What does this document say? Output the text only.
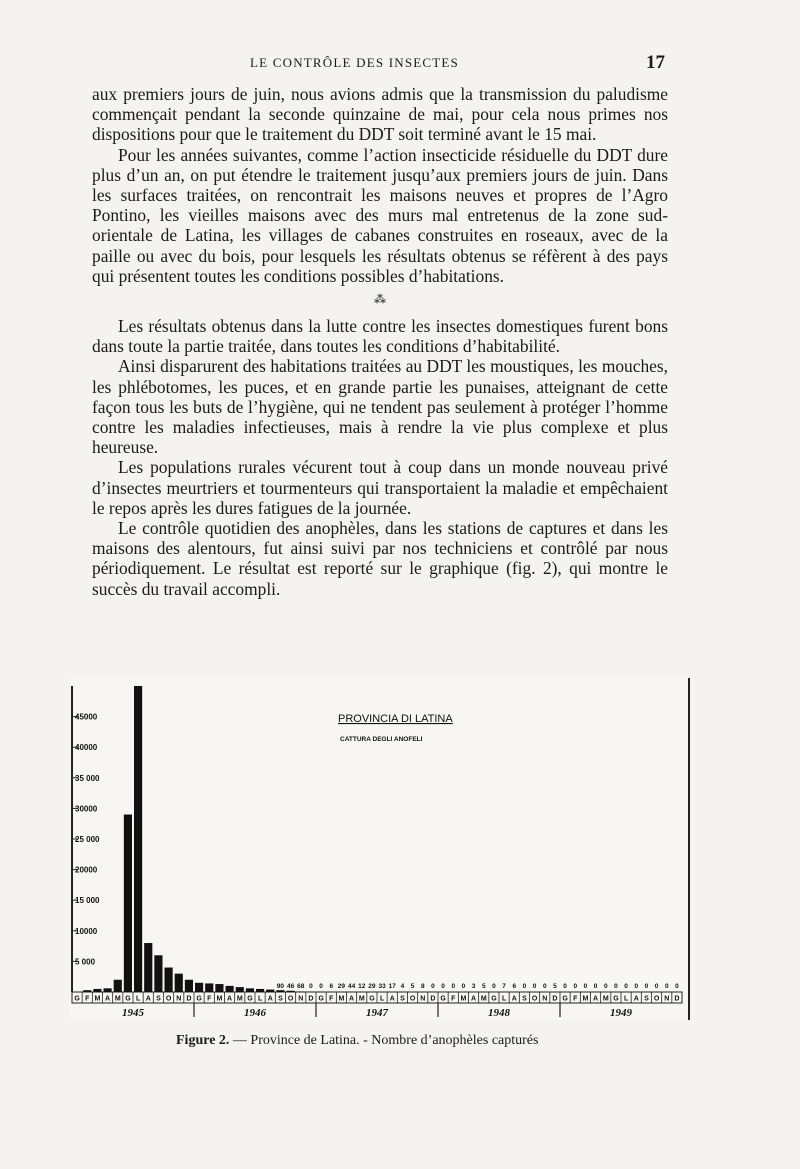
LE CONTRÔLE DES INSECTES	17

aux premiers jours de juin, nous avions admis que la transmission du paludisme commençait pendant la seconde quinzaine de mai, pour cela nous primes nos dispositions pour que le traitement du DDT soit terminé avant le 15 mai.

Pour les années suivantes, comme l’action insecticide résiduelle du DDT dure plus d’un an, on put étendre le traitement jusqu’aux premiers jours de juin. Dans les surfaces traitées, on rencontrait les maisons neuves et propres de l’Agro Pontino, les vieilles maisons avec des murs mal entretenus de la zone sud-orientale de Latina, les villages de cabanes construites en roseaux, avec de la paille ou avec du bois, pour lesquels les résultats obtenus se réfèrent à des pays qui présentent toutes les conditions possibles d’habitations.

⁂

Les résultats obtenus dans la lutte contre les insectes domestiques furent bons dans toute la partie traitée, dans toutes les conditions d’habitabilité.

Ainsi disparurent des habitations traitées au DDT les moustiques, les mouches, les phlébotomes, les puces, et en grande partie les punaises, atteignant de cette façon tous les buts de l’hygiène, qui ne tendent pas seulement à protéger l’homme contre les maladies infectieuses, mais à rendre la vie plus complexe et plus heureuse.

Les populations rurales vécurent tout à coup dans un monde nouveau privé d’insectes meurtriers et tourmenteurs qui transportaient la maladie et empêchaient le repos après les dures fatigues de la journée.

Le contrôle quotidien des anophèles, dans les stations de captures et dans les maisons des alentours, fut ainsi suivi par nos techniciens et contrôlé par nous périodiquement. Le résultat est reporté sur le graphique (fig. 2), qui montre le succès du travail accompli.

45000
40000
35 000
30000
25 000
20000
15 000
10000
5 000
PROVINCIA DI LATINA
CATTURA DEGLI ANOFELI
G F M A M G L A S O N D G F M A M G L A S O N D G F M A M G L A S O N D G F M A M G L A S O N D G F M A M G L A S O N D
90 46 68 0 0 6 29 44 12 29 33 17 4 5 8 0 0 0 0 3 5 0 7 6 0 0 0 5 0 0 0 0 0 0 0 0 0 0 0 0
1945	1946	1947	1948	1949
Figure 2. — Province de Latina. - Nombre d’anophèles capturés
